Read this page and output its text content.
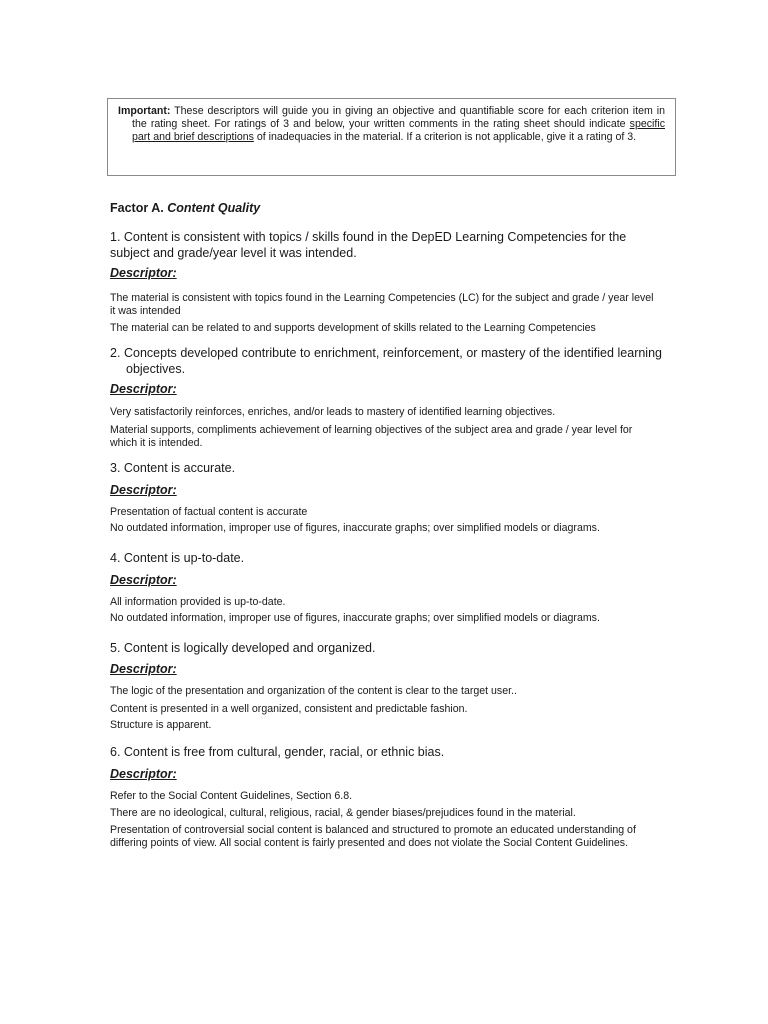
Important: These descriptors will guide you in giving an objective and quantifiable score for each criterion item in the rating sheet. For ratings of 3 and below, your written comments in the rating sheet should indicate specific part and brief descriptions of inadequacies in the material. If a criterion is not applicable, give it a rating of 3.

Factor A. Content Quality
1. Content is consistent with topics / skills found in the DepED Learning Competencies for the subject and grade/year level it was intended.
Descriptor:

The material is consistent with topics found in the Learning Competencies (LC) for the subject and grade / year level it was intended

The material can be related to and supports development of skills related to the Learning Competencies

2. Concepts developed contribute to enrichment, reinforcement, or mastery of the identified learning objectives.
Descriptor:

Very satisfactorily reinforces, enriches, and/or leads to mastery of identified learning objectives.

Material supports, compliments achievement of learning objectives of the subject area and grade / year level for which it is intended.

3. Content is accurate.
Descriptor:

Presentation of factual content is accurate

No outdated information, improper use of figures, inaccurate graphs; over simplified models or diagrams.

4. Content is up-to-date.
Descriptor:

All information provided is up-to-date.

No outdated information, improper use of figures, inaccurate graphs; over simplified models or diagrams.

5. Content is logically developed and organized.
Descriptor:

The logic of the presentation and organization of the content is clear to the target user..

Content is presented in a well organized, consistent and predictable fashion.

Structure is apparent.

6. Content is free from cultural, gender, racial, or ethnic bias.
Descriptor:

Refer to the Social Content Guidelines, Section 6.8.

There are no ideological, cultural, religious, racial, & gender biases/prejudices found in the material.

Presentation of controversial social content is balanced and structured to promote an educated understanding of differing points of view. All social content is fairly presented and does not violate the Social Content Guidelines.
